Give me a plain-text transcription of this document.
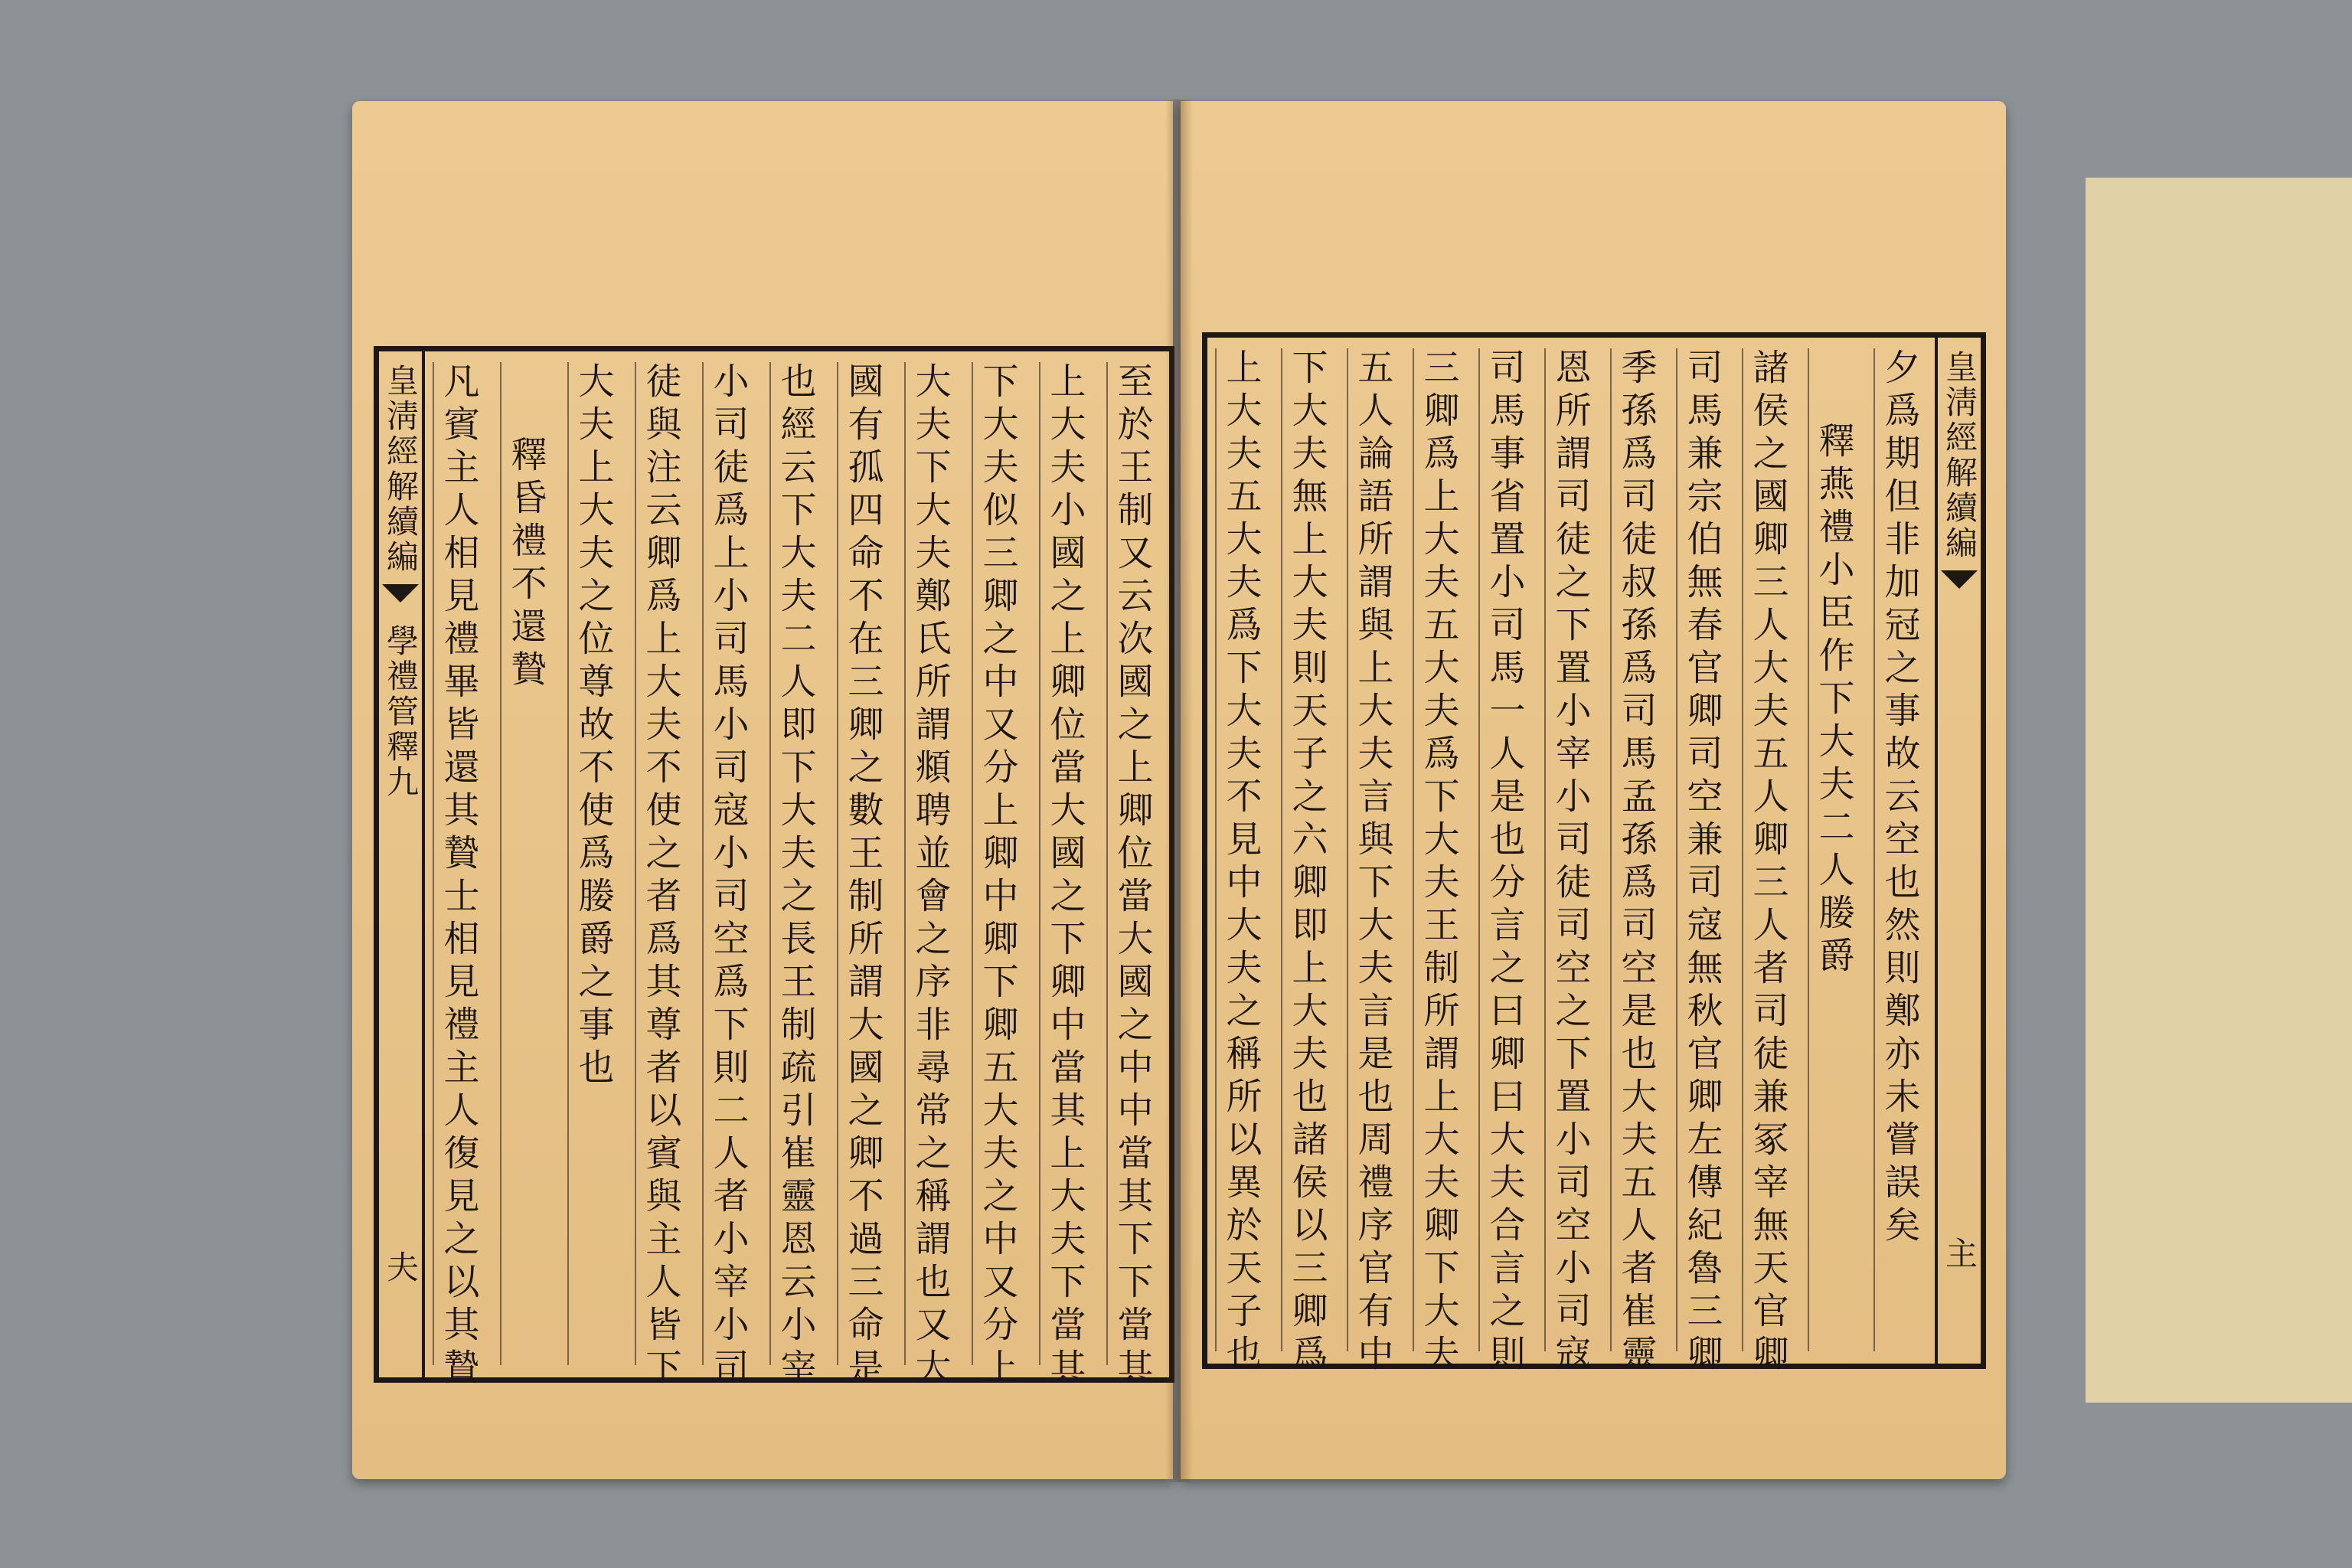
至於王制又云次國之上卿位當大國之中中當其下下當其
上大夫小國之上卿位當大國之下卿中當其上大夫下當其
下大夫似三卿之中又分上卿中卿下卿五大夫之中又分上
大夫下大夫鄭氏所謂頫聘並會之序非尋常之稱謂也又大
國有孤四命不在三卿之數王制所謂大國之卿不過三命是
也經云下大夫二人即下大夫之長王制疏引崔靈恩云小宰
小司徒爲上小司馬小司寇小司空爲下則二人者小宰小司
徒與注云卿爲上大夫不使之者爲其尊者以賓與主人皆下
大夫上大夫之位尊故不使爲媵爵之事也
釋昏禮不還贄
凡賓主人相見禮畢皆還其贄士相見禮主人復見之以其贄
皇淸經解續編
學禮管釋九
夫
夕爲期但非加冠之事故云空也然則鄭亦未嘗誤矣
釋燕禮小臣作下大夫二人媵爵
諸侯之國卿三人大夫五人卿三人者司徒兼冢宰無天官卿
司馬兼宗伯無春官卿司空兼司寇無秋官卿左傳紀魯三卿
季孫爲司徒叔孫爲司馬孟孫爲司空是也大夫五人者崔靈
恩所謂司徒之下置小宰小司徒司空之下置小司空小司寇
司馬事省置小司馬一人是也分言之曰卿曰大夫合言之則
三卿爲上大夫五大夫爲下大夫王制所謂上大夫卿下大夫
五人論語所謂與上大夫言與下大夫言是也周禮序官有中
下大夫無上大夫則天子之六卿即上大夫也諸侯以三卿爲
上大夫五大夫爲下大夫不見中大夫之稱所以異於天子也	皇淸經解續編
主
